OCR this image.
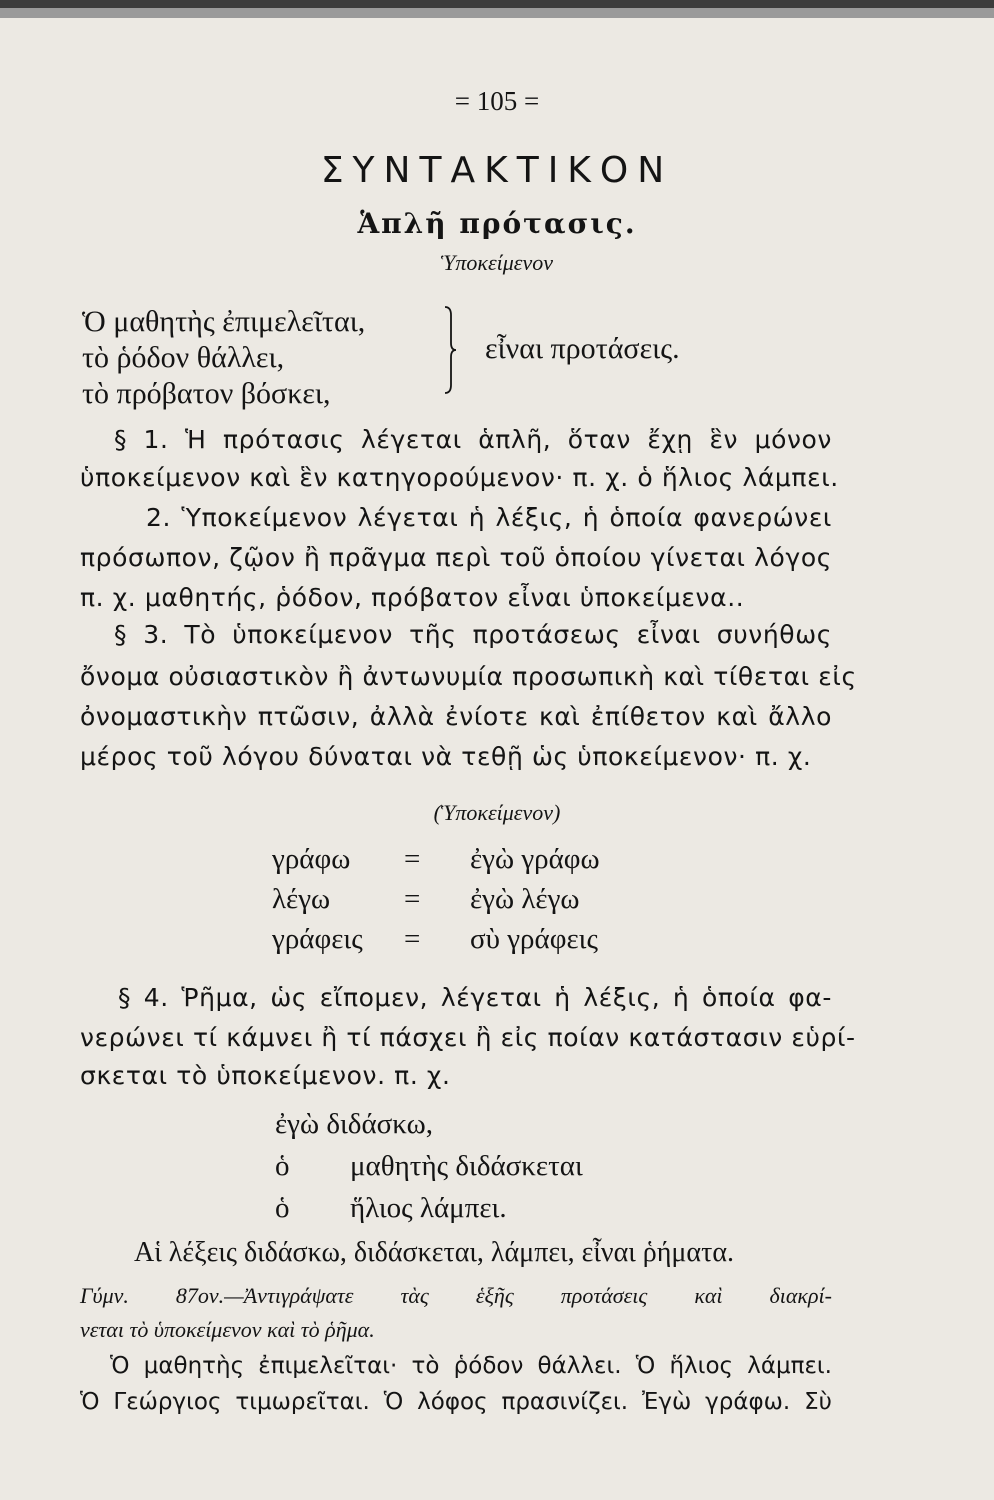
= 105 =
ΣΥΝΤΑΚΤΙΚΟΝ
Ἁπλῆ πρότασις.
Ὑποκείμενον
Ὁ μαθητὴς ἐπιμελεῖται,
τὸ ῥόδον θάλλει,
τὸ πρόβατον βόσκει,
εἶναι προτάσεις.
§ 1. Ἡ πρότασις λέγεται ἁπλῆ, ὅταν ἔχῃ ἓν μόνον
ὑποκείμενον καὶ ἓν κατηγορούμενον· π. χ. ὁ ἥλιος λάμπει.
2. Ὑποκείμενον λέγεται ἡ λέξις, ἡ ὁποία φανερώνει
πρόσωπον, ζῷον ἢ πρᾶγμα περὶ τοῦ ὁποίου γίνεται λόγος
π. χ. μαθητής, ῥόδον, πρόβατον εἶναι ὑποκείμενα..
§ 3. Τὸ ὑποκείμενον τῆς προτάσεως εἶναι συνήθως
ὄνομα οὐσιαστικὸν ἢ ἀντωνυμία προσωπικὴ καὶ τίθεται εἰς
ὀνομαστικὴν πτῶσιν, ἀλλὰ ἐνίοτε καὶ ἐπίθετον καὶ ἄλλο
μέρος τοῦ λόγου δύναται νὰ τεθῇ ὡς ὑποκείμενον· π. χ.
(Ὑποκείμενον)
γράφω = ἐγὼ γράφω
λέγω	= ἐγὼ λέγω
γράφεις = σὺ γράφεις
§ 4. Ῥῆμα, ὡς εἴπομεν, λέγεται ἡ λέξις, ἡ ὁποία φα-
νερώνει τί κάμνει ἢ τί πάσχει ἢ εἰς ποίαν κατάστασιν εὑρί-
σκεται τὸ ὑποκείμενον. π. χ.
ἐγὼ διδάσκω,
ὁ μαθητὴς διδάσκεται
ὁ ἥλιος λάμπει.
Αἱ λέξεις διδάσκω, διδάσκεται, λάμπει, εἶναι ῥήματα.
Γύμν. 87ον.—Ἀντιγράψατε τὰς ἑξῆς προτάσεις καὶ διακρί-
νεται τὸ ὑποκείμενον καὶ τὸ ῥῆμα.
Ὁ μαθητὴς ἐπιμελεῖται· τὸ ῥόδον θάλλει. Ὁ ἥλιος λάμπει.
Ὁ Γεώργιος τιμωρεῖται. Ὁ λόφος πρασινίζει. Ἐγὼ γράφω. Σὺ
